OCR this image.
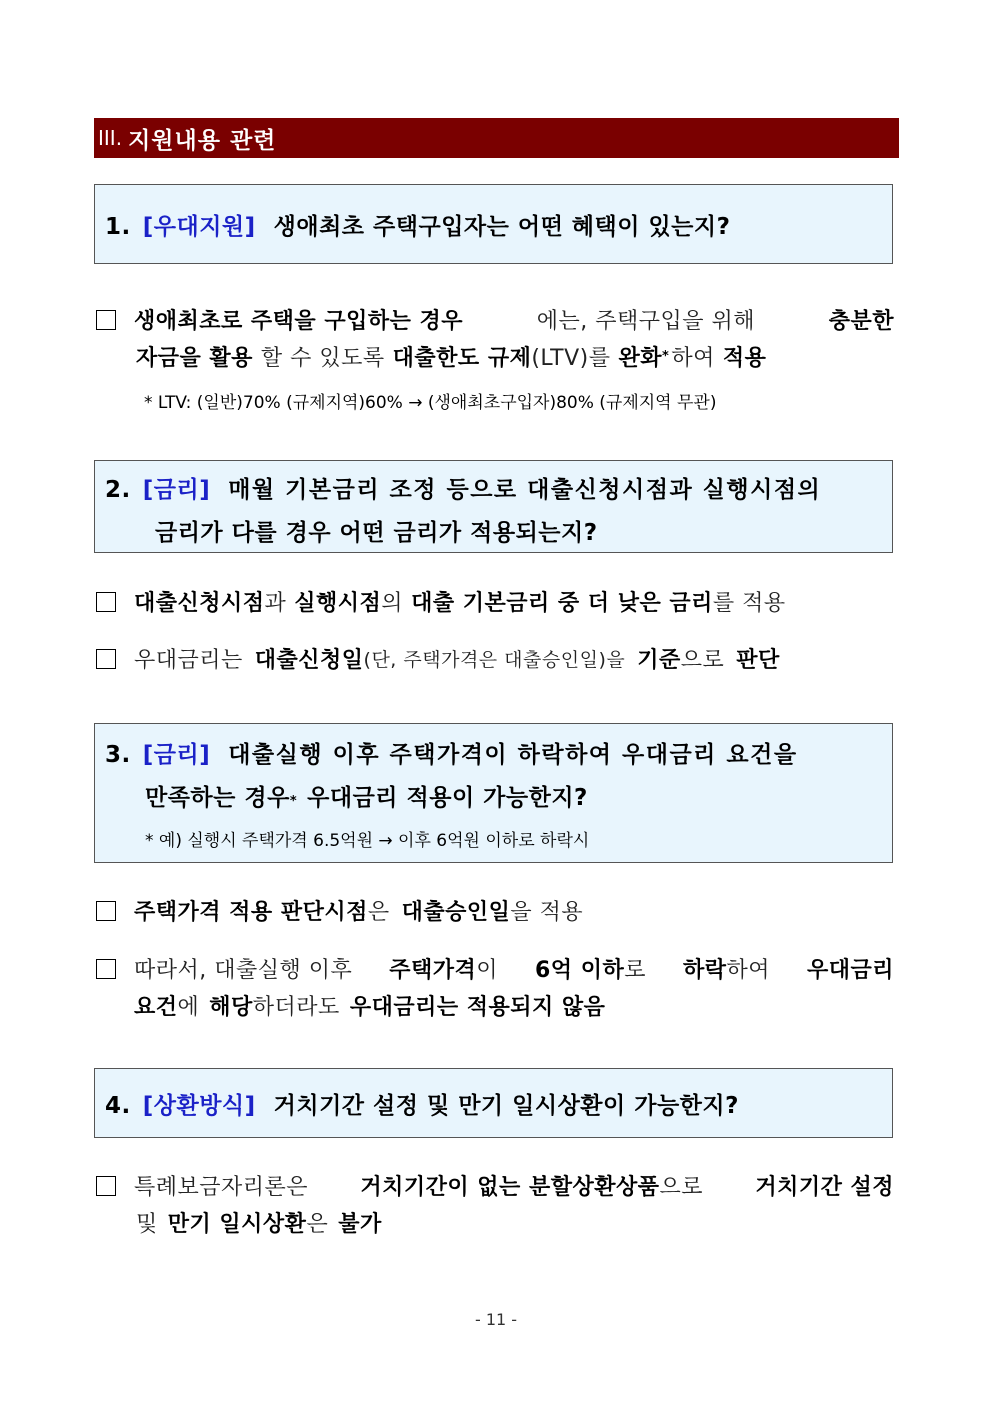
III. 지원내용 관련
1. [우대지원] 생애최초 주택구입자는 어떤 혜택이 있는지?
생애최초로 주택을 구입하는 경우	에는, 주택구입을 위해	충분한
자금을 활용 할 수 있도록 대출한도 규제 (LTV)를 완화 * 하여 적용
* LTV: (일반)70% (규제지역)60% → (생애최초구입자)80% (규제지역 무관)
2. [금리] 매월 기본금리 조정 등으로 대출신청시점과 실행시점의
금리가 다를 경우 어떤 금리가 적용되는지?
대출신청시점 과 실행시점 의 대출 기본금리 중 더 낮은 금리 를 적용
우대금리는 대출신청일 (단, 주택가격은 대출승인일)을 기준 으로 판단
3. [금리] 대출실행 이후 주택가격이 하락하여 우대금리 요건을
만족하는 경우$_*$ 우대금리 적용이 가능한지?
* 예) 실행시 주택가격 6.5억원 → 이후 6억원 이하로 하락시
주택가격 적용 판단시점 은 대출승인일 을 적용
따라서, 대출실행 이후 주택가격이 6억 이하로 하락하여 우대금리
요건 에 해당 하더라도 우대금리는 적용되지 않음
4. [상환방식] 거치기간 설정 및 만기 일시상환이 가능한지?
특례보금자리론은 거치기간이 없는 분할상환상품으로 거치기간 설정
및 만기 일시상환 은 불가
- 11 -
